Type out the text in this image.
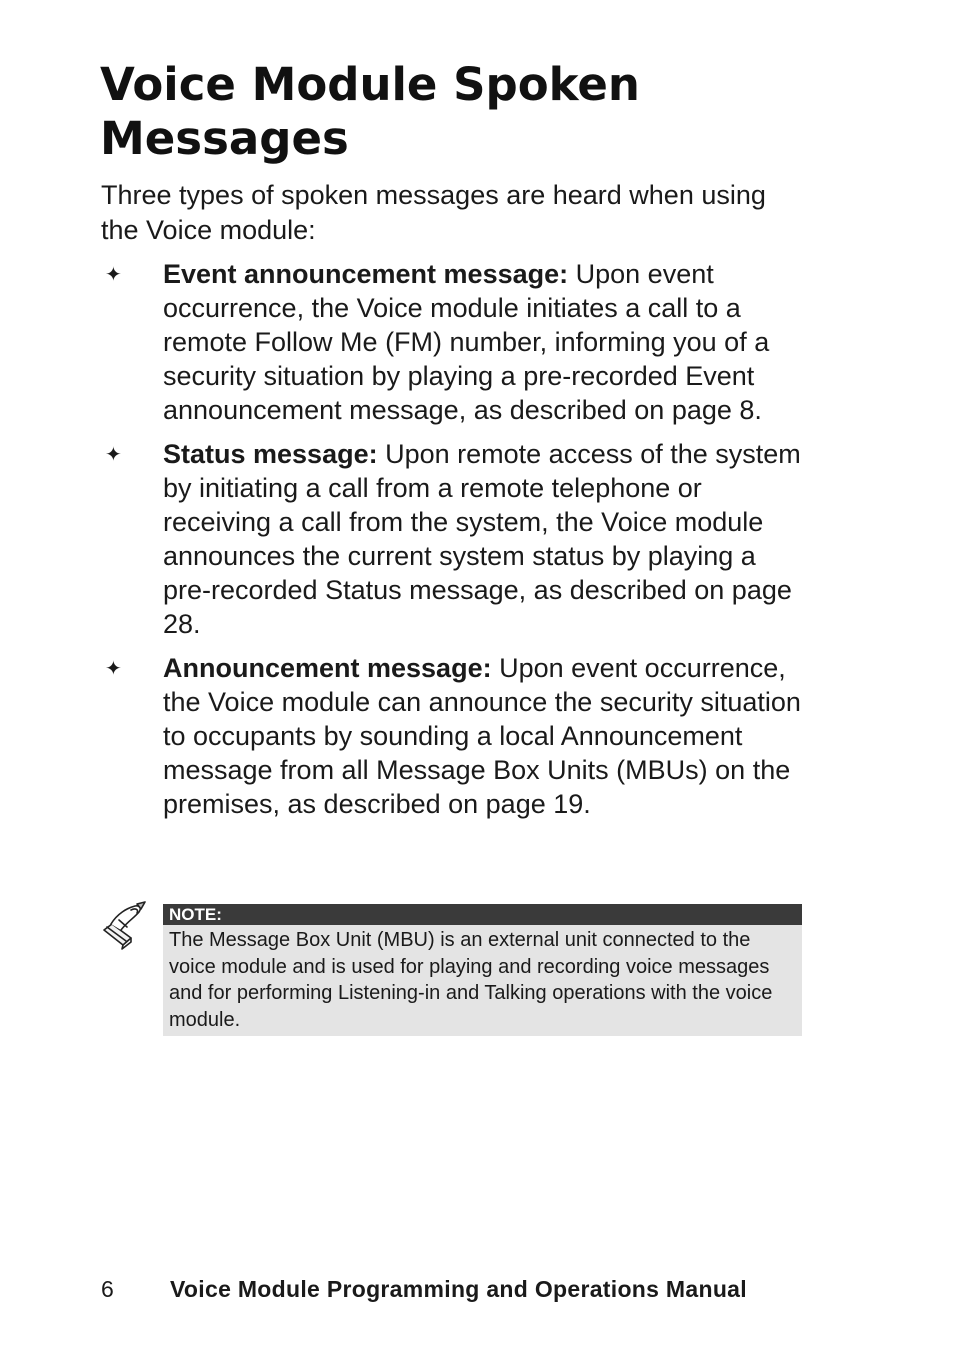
Voice Module Spoken Messages

Three types of spoken messages are heard when using the Voice module:

✦ Event announcement message: Upon event occurrence, the Voice module initiates a call to a remote Follow Me (FM) number, informing you of a security situation by playing a pre-recorded Event announcement message, as described on page 8.
✦ Status message: Upon remote access of the system by initiating a call from a remote telephone or receiving a call from the system, the Voice module announces the current system status by playing a pre-recorded Status message, as described on page 28.
✦ Announcement message: Upon event occurrence, the Voice module can announce the security situation to occupants by sounding a local Announcement message from all Message Box Units (MBUs) on the premises, as described on page 19.
NOTE:
The Message Box Unit (MBU) is an external unit connected to the voice module and is used for playing and recording voice messages and for performing Listening-in and Talking operations with the voice module.
6 Voice Module Programming and Operations Manual
